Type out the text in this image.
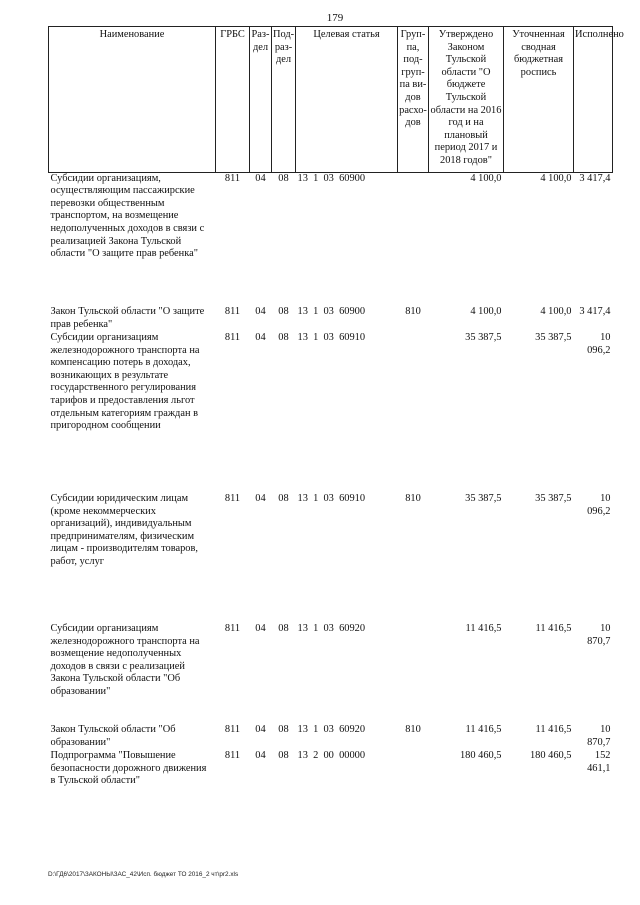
179
Наименование	ГРБС	Раз-дел	Под-раз-дел	Целевая статья	Груп-па, под-груп-па ви-дов расхо-дов	Утверждено Законом Тульской области "О бюджете Тульской области на 2016 год и на плановый период 2017 и 2018 годов"	Уточненная сводная бюджетная роспись	Исполнено
Субсидии организациям, осуществляющим пассажирские перевозки общественным транспортом, на возмещение недополученных доходов в связи с реализацией Закона Тульской области "О защите прав ребенка"	811	04	08	13  1  03  60900		4 100,0	4 100,0	3 417,4
Закон Тульской области "О защите прав ребенка"	811	04	08	13  1  03  60900	810	4 100,0	4 100,0	3 417,4
Субсидии организациям железнодорожного транспорта на компенсацию потерь в доходах, возникающих в результате государственного регулирования тарифов и предоставления льгот отдельным категориям граждан в пригородном сообщении	811	04	08	13  1  03  60910		35 387,5	35 387,5	10 096,2
Субсидии юридическим лицам (кроме некоммерческих организаций), индивидуальным предпринимателям, физическим лицам - производителям товаров, работ, услуг	811	04	08	13  1  03  60910	810	35 387,5	35 387,5	10 096,2
Субсидии организациям железнодорожного транспорта на возмещение недополученных доходов в связи с реализацией Закона Тульской области "Об образовании"	811	04	08	13  1  03  60920		11 416,5	11 416,5	10 870,7
Закон Тульской области "Об образовании"	811	04	08	13  1  03  60920	810	11 416,5	11 416,5	10 870,7
Подпрограмма "Повышение безопасности дорожного движения в Тульской области"	811	04	08	13  2  00  00000		180 460,5	180 460,5	152 461,1
D:\ГД6\2017\ЗАКОНЫ\ЗАС_42\Исп. бюджет ТО 2016_2 чт\pr2.xls
